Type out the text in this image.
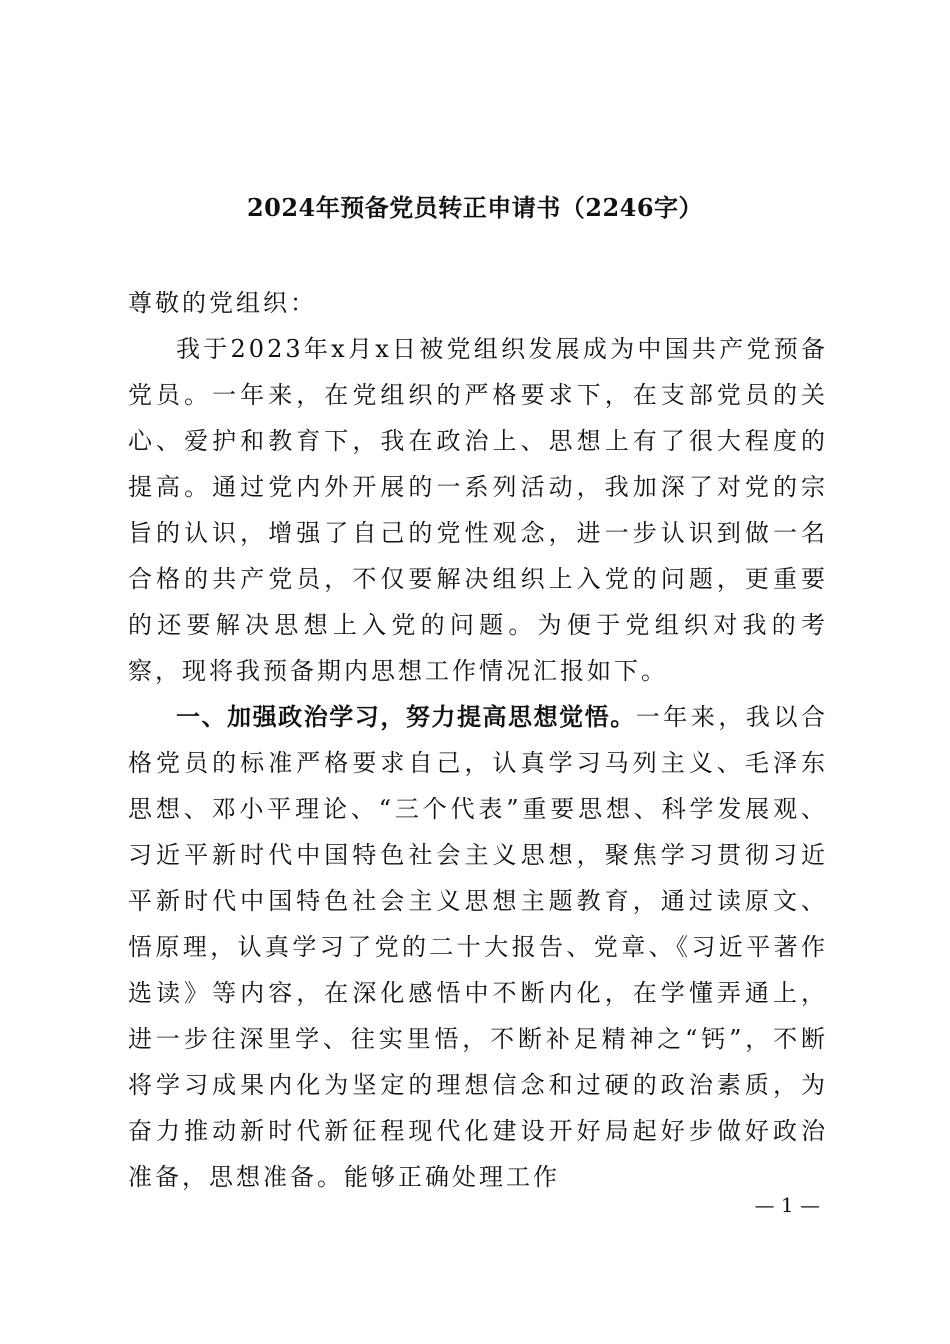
2024年预备党员转正申请书（2246字）

尊敬的党组织：

我于2023年x月x日被党组织发展成为中国共产党预备党员。一年来，在党组织的严格要求下，在支部党员的关心、爱护和教育下，我在政治上、思想上有了很大程度的提高。通过党内外开展的一系列活动，我加深了对党的宗旨的认识，增强了自己的党性观念，进一步认识到做一名合格的共产党员，不仅要解决组织上入党的问题，更重要的还要解决思想上入党的问题。为便于党组织对我的考察，现将我预备期内思想工作情况汇报如下。

一、加强政治学习，努力提高思想觉悟。一年来，我以合格党员的标准严格要求自己，认真学习马列主义、毛泽东思想、邓小平理论、“三个代表”重要思想、科学发展观、习近平新时代中国特色社会主义思想，聚焦学习贯彻习近平新时代中国特色社会主义思想主题教育，通过读原文、悟原理，认真学习了党的二十大报告、党章、《习近平著作选读》等内容，在深化感悟中不断内化，在学懂弄通上，进一步往深里学、往实里悟，不断补足精神之“钙”，不断将学习成果内化为坚定的理想信念和过硬的政治素质，为奋力推动新时代新征程现代化建设开好局起好步做好政治准备，思想准备。能够正确处理工作

— 1 —
